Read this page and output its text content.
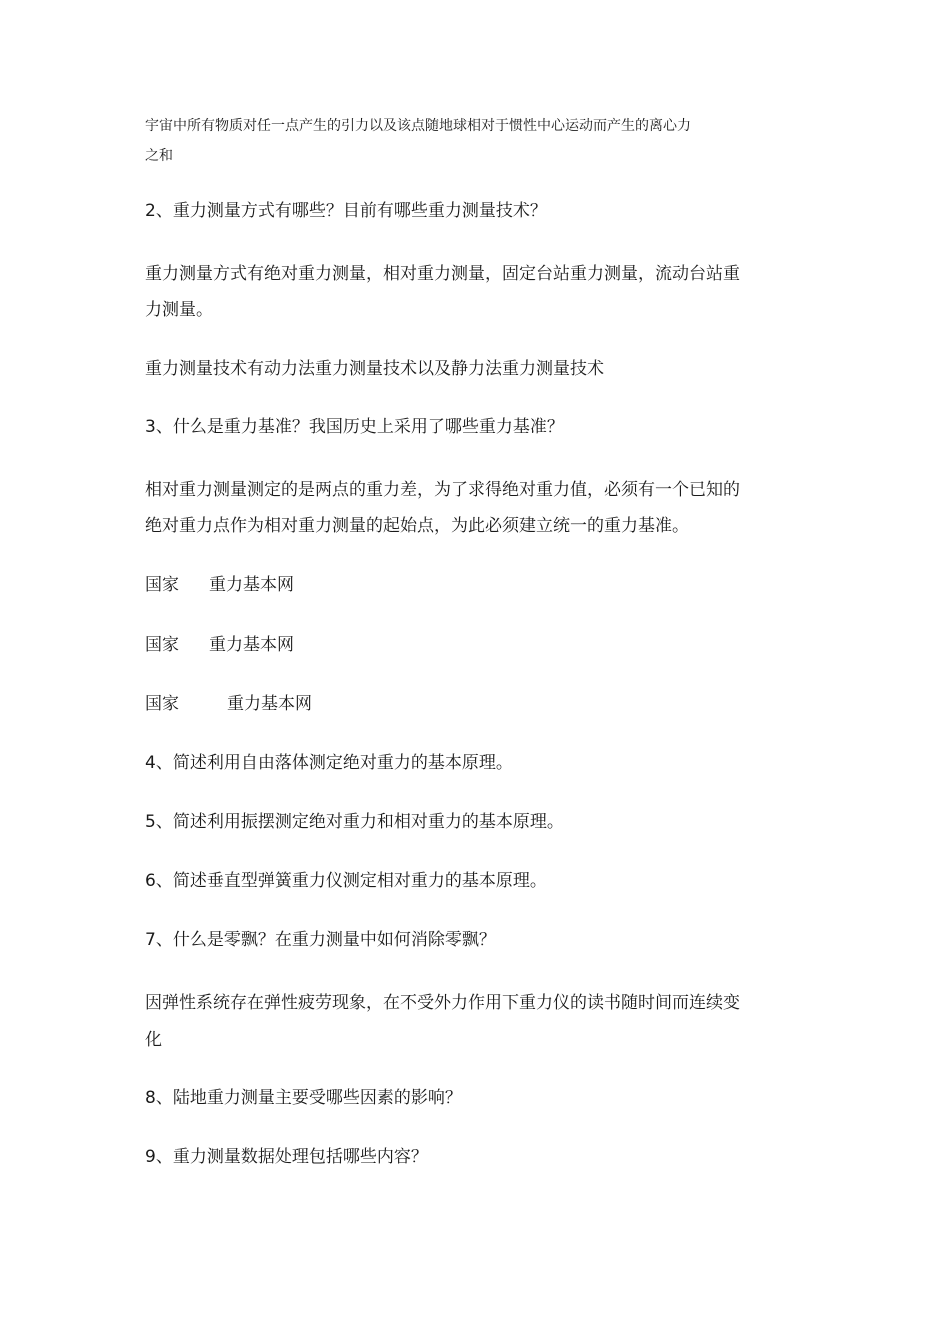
宇宙中所有物质对任一点产生的引力以及该点随地球相对于惯性中心运动而产生的离心力
之和
2、重力测量方式有哪些？目前有哪些重力测量技术？
重力测量方式有绝对重力测量，相对重力测量，固定台站重力测量，流动台站重
力测量。
重力测量技术有动力法重力测量技术以及静力法重力测量技术
3、什么是重力基准？我国历史上采用了哪些重力基准？
相对重力测量测定的是两点的重力差，为了求得绝对重力值，必须有一个已知的
绝对重力点作为相对重力测量的起始点，为此必须建立统一的重力基准。
国家 重力基本网
国家 重力基本网
国家	重力基本网
4、简述利用自由落体测定绝对重力的基本原理。
5、简述利用振摆测定绝对重力和相对重力的基本原理。
6、简述垂直型弹簧重力仪测定相对重力的基本原理。
7、什么是零飘？在重力测量中如何消除零飘？
因弹性系统存在弹性疲劳现象，在不受外力作用下重力仪的读书随时间而连续变
化
8、陆地重力测量主要受哪些因素的影响？
9、重力测量数据处理包括哪些内容？
